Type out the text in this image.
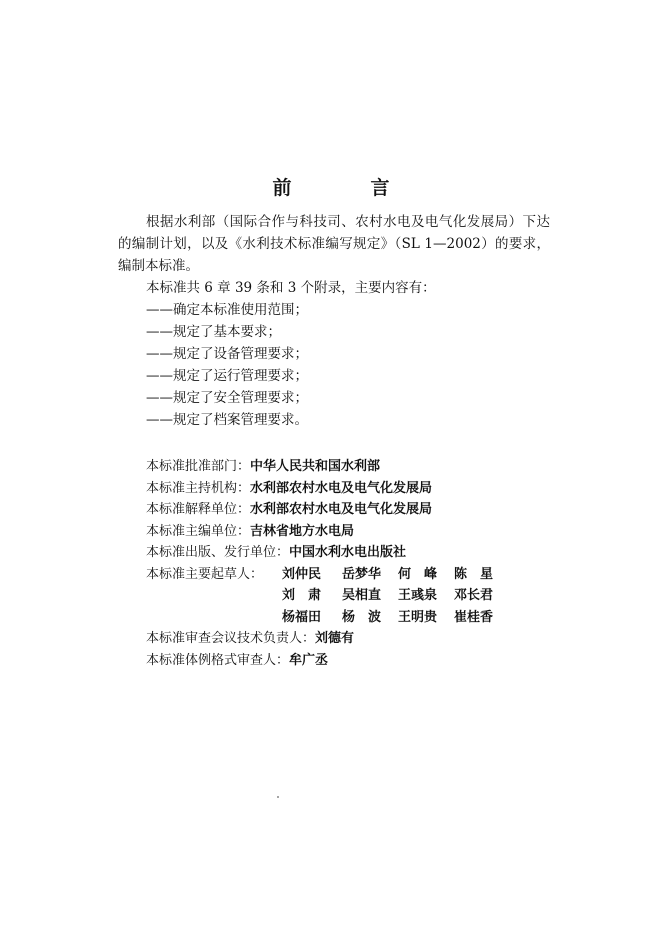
前　言

根据水利部（国际合作与科技司、农村水电及电气化发展局）下达的编制计划，以及《水利技术标准编写规定》（SL 1—2002）的要求，编制本标准。

本标准共 6 章 39 条和 3 个附录，主要内容有：

——确定本标准使用范围；
——规定了基本要求；
——规定了设备管理要求；
——规定了运行管理要求；
——规定了安全管理要求；
——规定了档案管理要求。
本标准批准部门：中华人民共和国水利部
本标准主持机构：水利部农村水电及电气化发展局
本标准解释单位：水利部农村水电及电气化发展局
本标准主编单位：吉林省地方水电局
本标准出版、发行单位：中国水利水电出版社
本标准主要起草人：	刘仲民	岳梦华	何　峰	陈　星
刘　肃	吴相直	王彧泉	邓长君
杨福田	杨　波	王明贵	崔桂香
本标准审查会议技术负责人：刘德有
本标准体例格式审查人：牟广丞
